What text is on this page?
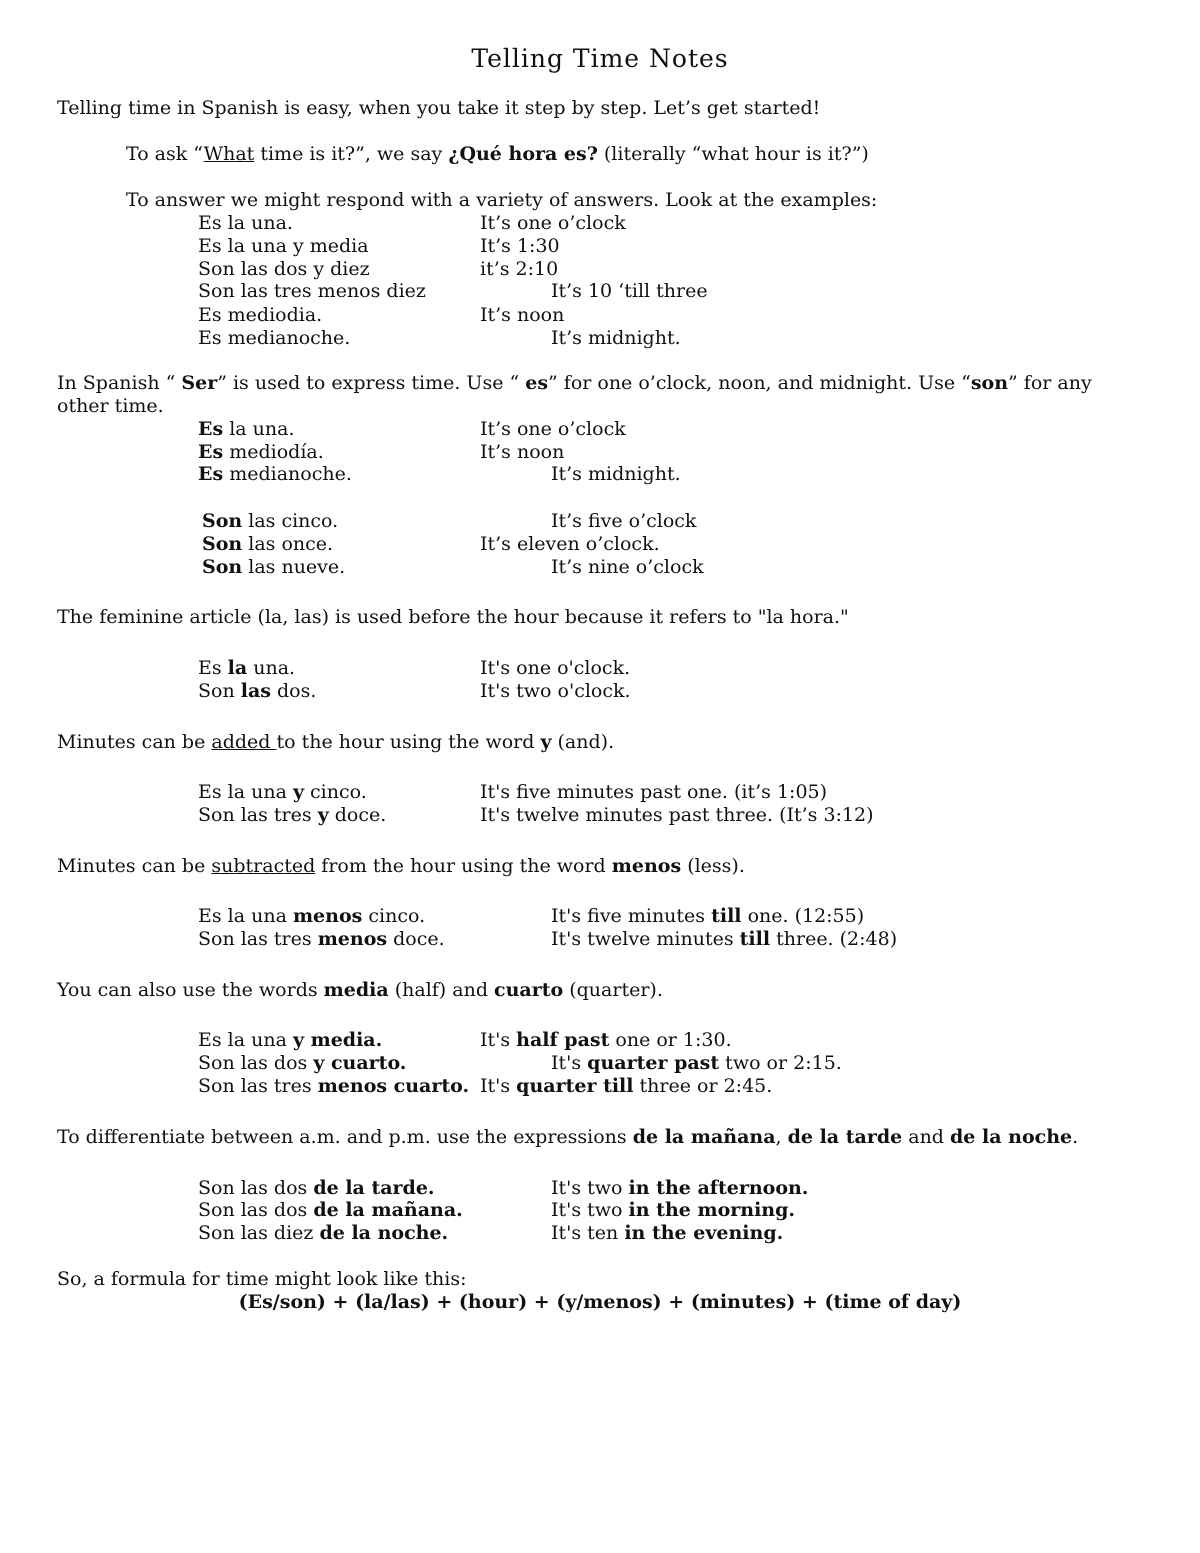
Telling Time Notes
Telling time in Spanish is easy, when you take it step by step. Let’s get started!
To ask “What time is it?”, we say ¿Qué hora es? (literally “what hour is it?”)
To answer we might respond with a variety of answers. Look at the examples:
Es la una.	It’s one o’clock
Es la una y media	It’s 1:30
Son las dos y diez	it’s 2:10
Son las tres menos diez	It’s 10 ‘till three
Es mediodia.	It’s noon
Es medianoche.	It’s midnight.
In Spanish “ Ser” is used to express time. Use “ es” for one o’clock, noon, and midnight. Use “son” for any other time.
Es la una.	It’s one o’clock
Es mediodía.	It’s noon
Es medianoche.	It’s midnight.
Son las cinco.	It’s five o’clock
Son las once.	It’s eleven o’clock.
Son las nueve.	It’s nine o’clock
The feminine article (la, las) is used before the hour because it refers to "la hora."
Es la una.	It's one o'clock.
Son las dos.	It's two o'clock.
Minutes can be added to the hour using the word y (and).
Es la una y cinco.	It's five minutes past one. (it’s 1:05)
Son las tres y doce.	It's twelve minutes past three. (It’s 3:12)
Minutes can be subtracted from the hour using the word menos (less).
Es la una menos cinco.	It's five minutes till one. (12:55)
Son las tres menos doce.	It's twelve minutes till three. (2:48)
You can also use the words media (half) and cuarto (quarter).
Es la una y media.	It's half past one or 1:30.
Son las dos y cuarto.	It's quarter past two or 2:15.
Son las tres menos cuarto. It's quarter till three or 2:45.
To differentiate between a.m. and p.m. use the expressions de la mañana, de la tarde and de la noche.
Son las dos de la tarde.	It's two in the afternoon.
Son las dos de la mañana.	It's two in the morning.
Son las diez de la noche.	It's ten in the evening.
So, a formula for time might look like this:
(Es/son) + (la/las) + (hour) + (y/menos) + (minutes) + (time of day)
